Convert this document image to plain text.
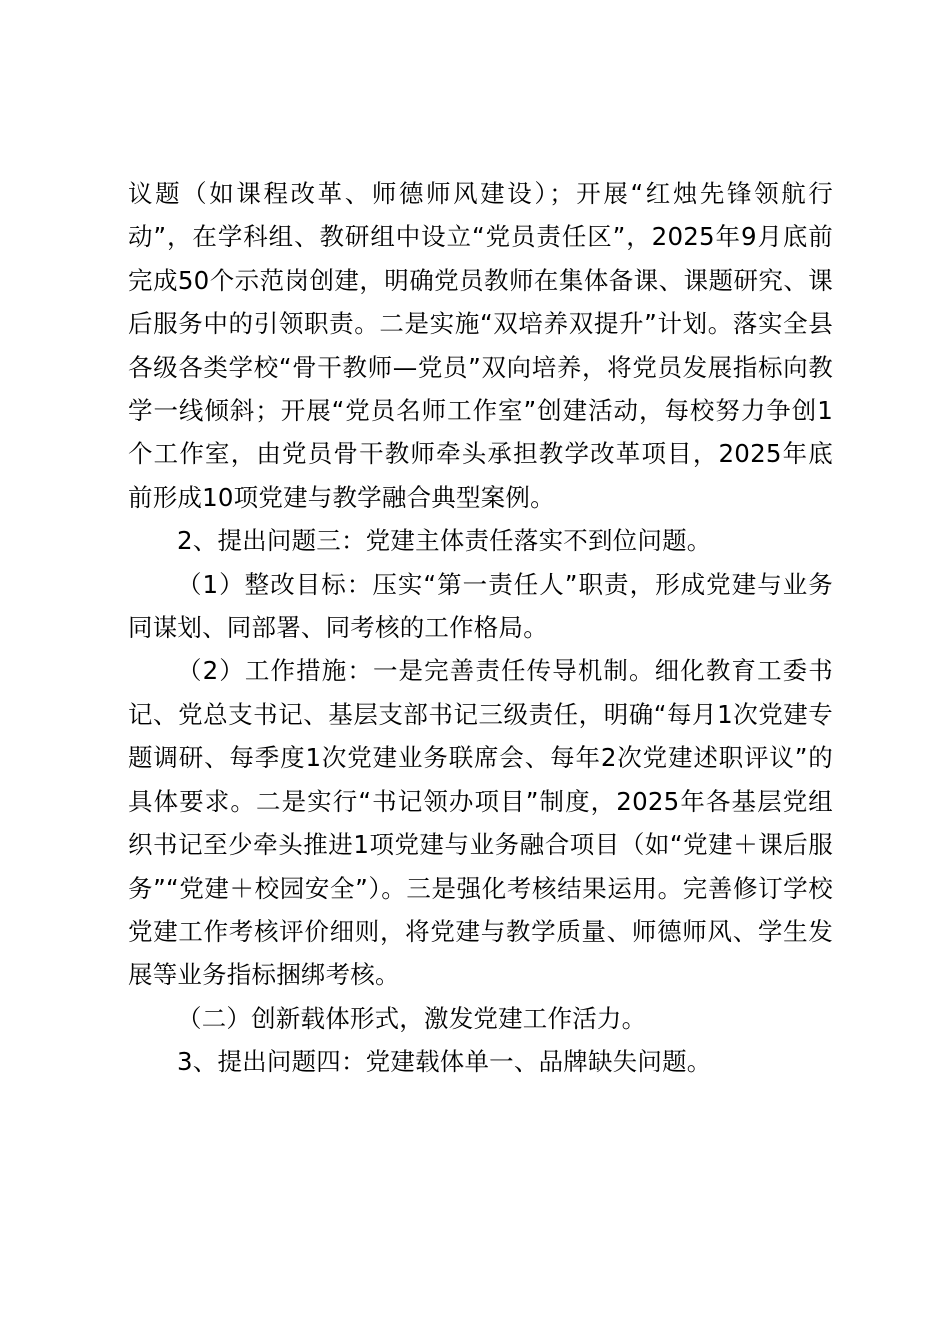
议题（如课程改革、师德师风建设）；开展“红烛先锋领航行动”，在学科组、教研组中设立“党员责任区”，2025年9月底前完成50个示范岗创建，明确党员教师在集体备课、课题研究、课后服务中的引领职责。二是实施“双培养双提升”计划。落实全县各级各类学校“骨干教师—党员”双向培养，将党员发展指标向教学一线倾斜；开展“党员名师工作室”创建活动，每校努力争创1个工作室，由党员骨干教师牵头承担教学改革项目，2025年底前形成10项党建与教学融合典型案例。

2、提出问题三：党建主体责任落实不到位问题。

（1）整改目标：压实“第一责任人”职责，形成党建与业务同谋划、同部署、同考核的工作格局。

（2）工作措施：一是完善责任传导机制。细化教育工委书记、党总支书记、基层支部书记三级责任，明确“每月1次党建专题调研、每季度1次党建业务联席会、每年2次党建述职评议”的具体要求。二是实行“书记领办项目”制度，2025年各基层党组织书记至少牵头推进1项党建与业务融合项目（如“党建＋课后服务”“党建＋校园安全”）。三是强化考核结果运用。完善修订学校党建工作考核评价细则，将党建与教学质量、师德师风、学生发展等业务指标捆绑考核。

（二）创新载体形式，激发党建工作活力。

3、提出问题四：党建载体单一、品牌缺失问题。
